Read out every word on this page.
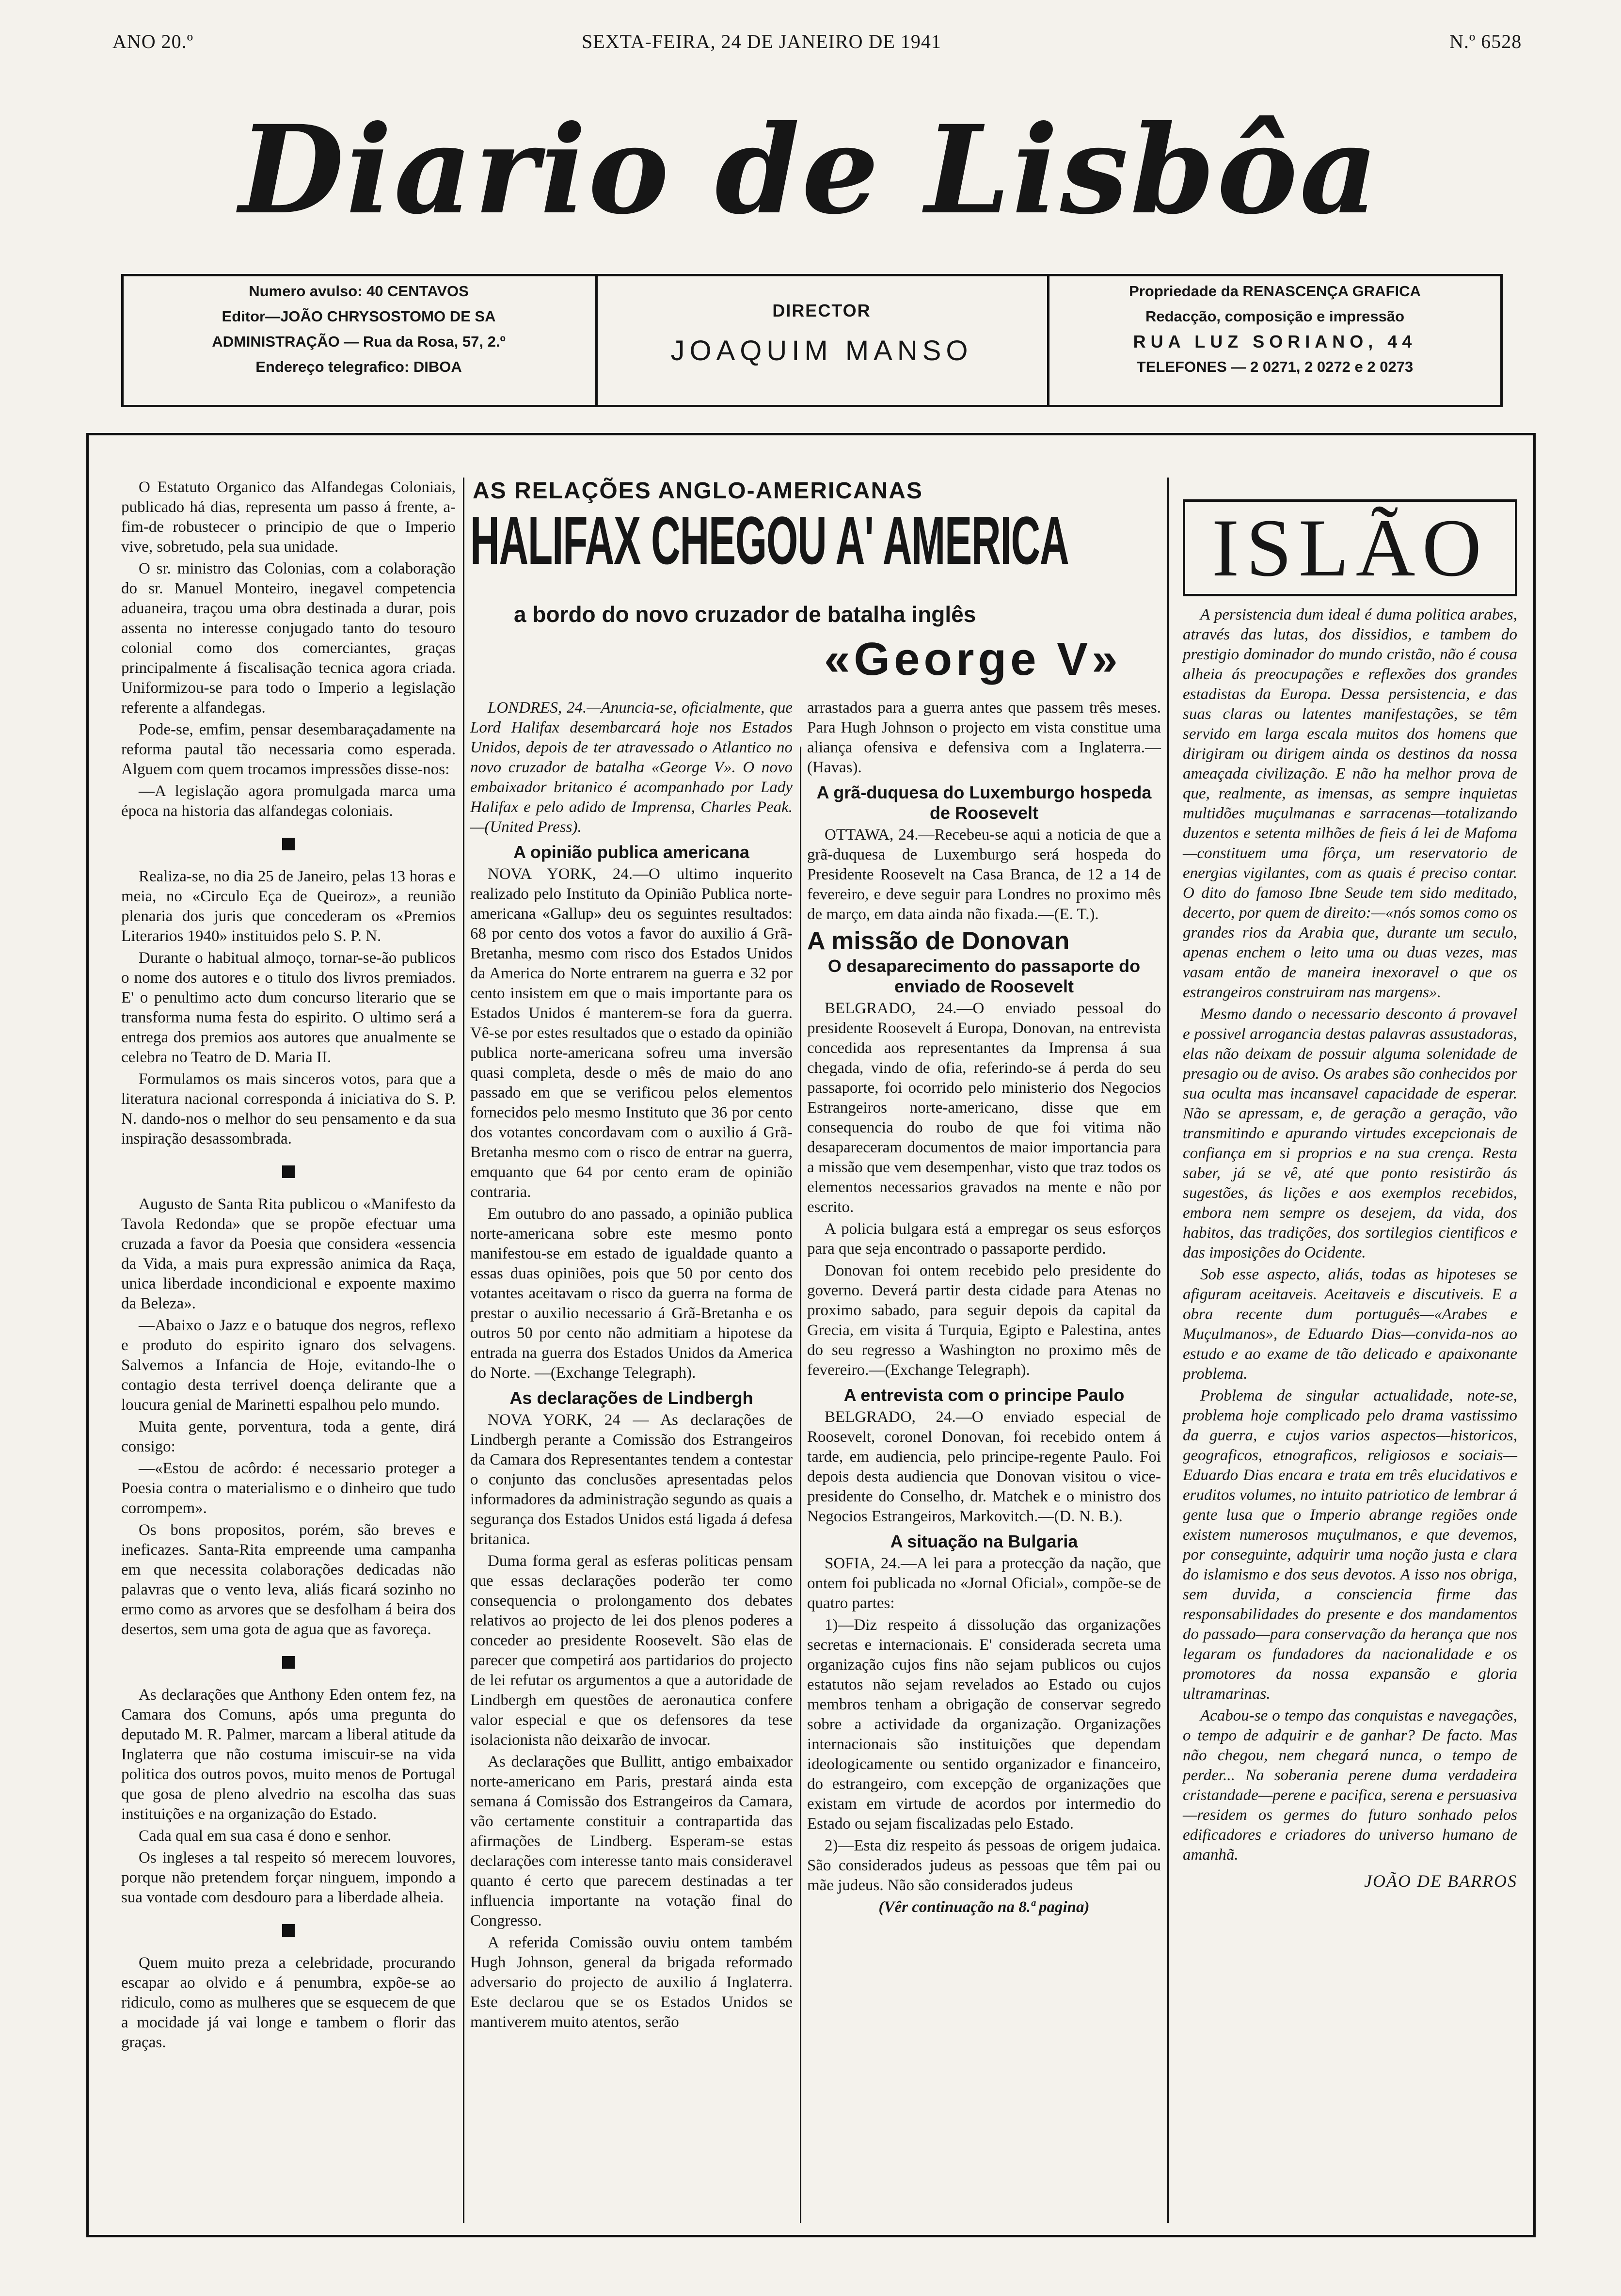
ANO 20.º	SEXTA-FEIRA, 24 DE JANEIRO DE 1941	N.º 6528
Diario de Lisbôa
Numero avulso: 40 CENTAVOS
Editor—JOÃO CHRYSOSTOMO DE SA
ADMINISTRAÇÃO — Rua da Rosa, 57, 2.º
Endereço telegrafico: DIBOA
DIRECTOR
JOAQUIM MANSO
Propriedade da RENASCENÇA GRAFICA
Redacção, composição e impressão
RUA LUZ SORIANO, 44
TELEFONES — 2 0271, 2 0272 e 2 0273

O Estatuto Organico das Alfandegas Coloniais, publicado há dias, representa um passo á frente, a-fim-de robustecer o principio de que o Imperio vive, sobretudo, pela sua unidade.

O sr. ministro das Colonias, com a colaboração do sr. Manuel Monteiro, inegavel competencia aduaneira, traçou uma obra destinada a durar, pois assenta no interesse conjugado tanto do tesouro colonial como dos comerciantes, graças principalmente á fiscalisação tecnica agora criada. Uniformizou-se para todo o Imperio a legislação referente a alfandegas.

Pode-se, emfim, pensar desembaraçadamente na reforma pautal tão necessaria como esperada. Alguem com quem trocamos impressões disse-nos:

—A legislação agora promulgada marca uma época na historia das alfandegas coloniais.

Realiza-se, no dia 25 de Janeiro, pelas 13 horas e meia, no «Circulo Eça de Queiroz», a reunião plenaria dos juris que concederam os «Premios Literarios 1940» instituidos pelo S. P. N.

Durante o habitual almoço, tornar-se-ão publicos o nome dos autores e o titulo dos livros premiados. E' o penultimo acto dum concurso literario que se transforma numa festa do espirito. O ultimo será a entrega dos premios aos autores que anualmente se celebra no Teatro de D. Maria II.

Formulamos os mais sinceros votos, para que a literatura nacional corresponda á iniciativa do S. P. N. dando-nos o melhor do seu pensamento e da sua inspiração desassombrada.

Augusto de Santa Rita publicou o «Manifesto da Tavola Redonda» que se propõe efectuar uma cruzada a favor da Poesia que considera «essencia da Vida, a mais pura expressão animica da Raça, unica liberdade incondicional e expoente maximo da Beleza».

—Abaixo o Jazz e o batuque dos negros, reflexo e produto do espirito ignaro dos selvagens. Salvemos a Infancia de Hoje, evitando-lhe o contagio desta terrivel doença delirante que a loucura genial de Marinetti espalhou pelo mundo.

Muita gente, porventura, toda a gente, dirá consigo:

—«Estou de acôrdo: é necessario proteger a Poesia contra o materialismo e o dinheiro que tudo corrompem».

Os bons propositos, porém, são breves e ineficazes. Santa-Rita empreende uma campanha em que necessita colaborações dedicadas não palavras que o vento leva, aliás ficará sozinho no ermo como as arvores que se desfolham á beira dos desertos, sem uma gota de agua que as favoreça.

As declarações que Anthony Eden ontem fez, na Camara dos Comuns, após uma pregunta do deputado M. R. Palmer, marcam a liberal atitude da Inglaterra que não costuma imiscuir-se na vida politica dos outros povos, muito menos de Portugal que gosa de pleno alvedrio na escolha das suas instituições e na organização do Estado.

Cada qual em sua casa é dono e senhor.

Os ingleses a tal respeito só merecem louvores, porque não pretendem forçar ninguem, impondo a sua vontade com desdouro para a liberdade alheia.

Quem muito preza a celebridade, procurando escapar ao olvido e á penumbra, expõe-se ao ridiculo, como as mulheres que se esquecem de que a mocidade já vai longe e tambem o florir das graças.

AS RELAÇÕES ANGLO-AMERICANAS
HALIFAX CHEGOU A' AMERICA
a bordo do novo cruzador de batalha inglês
«George V»

LONDRES, 24.—Anuncia-se, oficialmente, que Lord Halifax desembarcará hoje nos Estados Unidos, depois de ter atravessado o Atlantico no novo cruzador de batalha «George V». O novo embaixador britanico é acompanhado por Lady Halifax e pelo adido de Imprensa, Charles Peak. —(United Press).

A opinião publica americana

NOVA YORK, 24.—O ultimo inquerito realizado pelo Instituto da Opinião Publica norte-americana «Gallup» deu os seguintes resultados: 68 por cento dos votos a favor do auxilio á Grã-Bretanha, mesmo com risco dos Estados Unidos da America do Norte entrarem na guerra e 32 por cento insistem em que o mais importante para os Estados Unidos é manterem-se fora da guerra. Vê-se por estes resultados que o estado da opinião publica norte-americana sofreu uma inversão quasi completa, desde o mês de maio do ano passado em que se verificou pelos elementos fornecidos pelo mesmo Instituto que 36 por cento dos votantes concordavam com o auxilio á Grã-Bretanha mesmo com o risco de entrar na guerra, emquanto que 64 por cento eram de opinião contraria.

Em outubro do ano passado, a opinião publica norte-americana sobre este mesmo ponto manifestou-se em estado de igualdade quanto a essas duas opiniões, pois que 50 por cento dos votantes aceitavam o risco da guerra na forma de prestar o auxilio necessario á Grã-Bretanha e os outros 50 por cento não admitiam a hipotese da entrada na guerra dos Estados Unidos da America do Norte. —(Exchange Telegraph).

As declarações de Lindbergh

NOVA YORK, 24 — As declarações de Lindbergh perante a Comissão dos Estrangeiros da Camara dos Representantes tendem a contestar o conjunto das conclusões apresentadas pelos informadores da administração segundo as quais a segurança dos Estados Unidos está ligada á defesa britanica.

Duma forma geral as esferas politicas pensam que essas declarações poderão ter como consequencia o prolongamento dos debates relativos ao projecto de lei dos plenos poderes a conceder ao presidente Roosevelt. São elas de parecer que competirá aos partidarios do projecto de lei refutar os argumentos a que a autoridade de Lindbergh em questões de aeronautica confere valor especial e que os defensores da tese isolacionista não deixarão de invocar.

As declarações que Bullitt, antigo embaixador norte-americano em Paris, prestará ainda esta semana á Comissão dos Estrangeiros da Camara, vão certamente constituir a contrapartida das afirmações de Lindberg. Esperam-se estas declarações com interesse tanto mais consideravel quanto é certo que parecem destinadas a ter influencia importante na votação final do Congresso.

A referida Comissão ouviu ontem também Hugh Johnson, general da brigada reformado adversario do projecto de auxilio á Inglaterra. Este declarou que se os Estados Unidos se mantiverem muito atentos, serão

arrastados para a guerra antes que passem três meses. Para Hugh Johnson o projecto em vista constitue uma aliança ofensiva e defensiva com a Inglaterra.—(Havas).

A grã-duquesa do Luxemburgo hospeda de Roosevelt

OTTAWA, 24.—Recebeu-se aqui a noticia de que a grã-duquesa de Luxemburgo será hospeda do Presidente Roosevelt na Casa Branca, de 12 a 14 de fevereiro, e deve seguir para Londres no proximo mês de março, em data ainda não fixada.—(E. T.).

A missão de Donovan
O desaparecimento do passaporte do enviado de Roosevelt

BELGRADO, 24.—O enviado pessoal do presidente Roosevelt á Europa, Donovan, na entrevista concedida aos representantes da Imprensa á sua chegada, vindo de ofia, referindo-se á perda do seu passaporte, foi ocorrido pelo ministerio dos Negocios Estrangeiros norte-americano, disse que em consequencia do roubo de que foi vitima não desapareceram documentos de maior importancia para a missão que vem desempenhar, visto que traz todos os elementos necessarios gravados na mente e não por escrito.

A policia bulgara está a empregar os seus esforços para que seja encontrado o passaporte perdido.

Donovan foi ontem recebido pelo presidente do governo. Deverá partir desta cidade para Atenas no proximo sabado, para seguir depois da capital da Grecia, em visita á Turquia, Egipto e Palestina, antes do seu regresso a Washington no proximo mês de fevereiro.—(Exchange Telegraph).

A entrevista com o principe Paulo

BELGRADO, 24.—O enviado especial de Roosevelt, coronel Donovan, foi recebido ontem á tarde, em audiencia, pelo principe-regente Paulo. Foi depois desta audiencia que Donovan visitou o vice-presidente do Conselho, dr. Matchek e o ministro dos Negocios Estrangeiros, Markovitch.—(D. N. B.).

A situação na Bulgaria

SOFIA, 24.—A lei para a protecção da nação, que ontem foi publicada no «Jornal Oficial», compõe-se de quatro partes:

1)—Diz respeito á dissolução das organizações secretas e internacionais. E' considerada secreta uma organização cujos fins não sejam publicos ou cujos estatutos não sejam revelados ao Estado ou cujos membros tenham a obrigação de conservar segredo sobre a actividade da organização. Organizações internacionais são instituições que dependam ideologicamente ou sentido organizador e financeiro, do estrangeiro, com excepção de organizações que existam em virtude de acordos por intermedio do Estado ou sejam fiscalizadas pelo Estado.

2)—Esta diz respeito ás pessoas de origem judaica. São considerados judeus as pessoas que têm pai ou mãe judeus. Não são considerados judeus

(Vêr continuação na 8.ª pagina)

ISLÃO

A persistencia dum ideal é duma politica arabes, através das lutas, dos dissidios, e tambem do prestigio dominador do mundo cristão, não é cousa alheia ás preocupações e reflexões dos grandes estadistas da Europa. Dessa persistencia, e das suas claras ou latentes manifestações, se têm servido em larga escala muitos dos homens que dirigiram ou dirigem ainda os destinos da nossa ameaçada civilização. E não ha melhor prova de que, realmente, as imensas, as sempre inquietas multidões muçulmanas e sarracenas—totalizando duzentos e setenta milhões de fieis á lei de Mafoma—constituem uma fôrça, um reservatorio de energias vigilantes, com as quais é preciso contar. O dito do famoso Ibne Seude tem sido meditado, decerto, por quem de direito:—«nós somos como os grandes rios da Arabia que, durante um seculo, apenas enchem o leito uma ou duas vezes, mas vasam então de maneira inexoravel o que os estrangeiros construiram nas margens».

Mesmo dando o necessario desconto á provavel e possivel arrogancia destas palavras assustadoras, elas não deixam de possuir alguma solenidade de presagio ou de aviso. Os arabes são conhecidos por sua oculta mas incansavel capacidade de esperar. Não se apressam, e, de geração a geração, vão transmitindo e apurando virtudes excepcionais de confiança em si proprios e na sua crença. Resta saber, já se vê, até que ponto resistirão ás sugestões, ás lições e aos exemplos recebidos, embora nem sempre os desejem, da vida, dos habitos, das tradições, dos sortilegios cientificos e das imposições do Ocidente.

Sob esse aspecto, aliás, todas as hipoteses se afiguram aceitaveis. Aceitaveis e discutiveis. E a obra recente dum português—«Arabes e Muçulmanos», de Eduardo Dias—convida-nos ao estudo e ao exame de tão delicado e apaixonante problema.

Problema de singular actualidade, note-se, problema hoje complicado pelo drama vastissimo da guerra, e cujos varios aspectos—historicos, geograficos, etnograficos, religiosos e sociais—Eduardo Dias encara e trata em três elucidativos e eruditos volumes, no intuito patriotico de lembrar á gente lusa que o Imperio abrange regiões onde existem numerosos muçulmanos, e que devemos, por conseguinte, adquirir uma noção justa e clara do islamismo e dos seus devotos. A isso nos obriga, sem duvida, a consciencia firme das responsabilidades do presente e dos mandamentos do passado—para conservação da herança que nos legaram os fundadores da nacionalidade e os promotores da nossa expansão e gloria ultramarinas.

Acabou-se o tempo das conquistas e navegações, o tempo de adquirir e de ganhar? De facto. Mas não chegou, nem chegará nunca, o tempo de perder... Na soberania perene duma verdadeira cristandade—perene e pacifica, serena e persuasiva—residem os germes do futuro sonhado pelos edificadores e criadores do universo humano de amanhã.

JOÃO DE BARROS
